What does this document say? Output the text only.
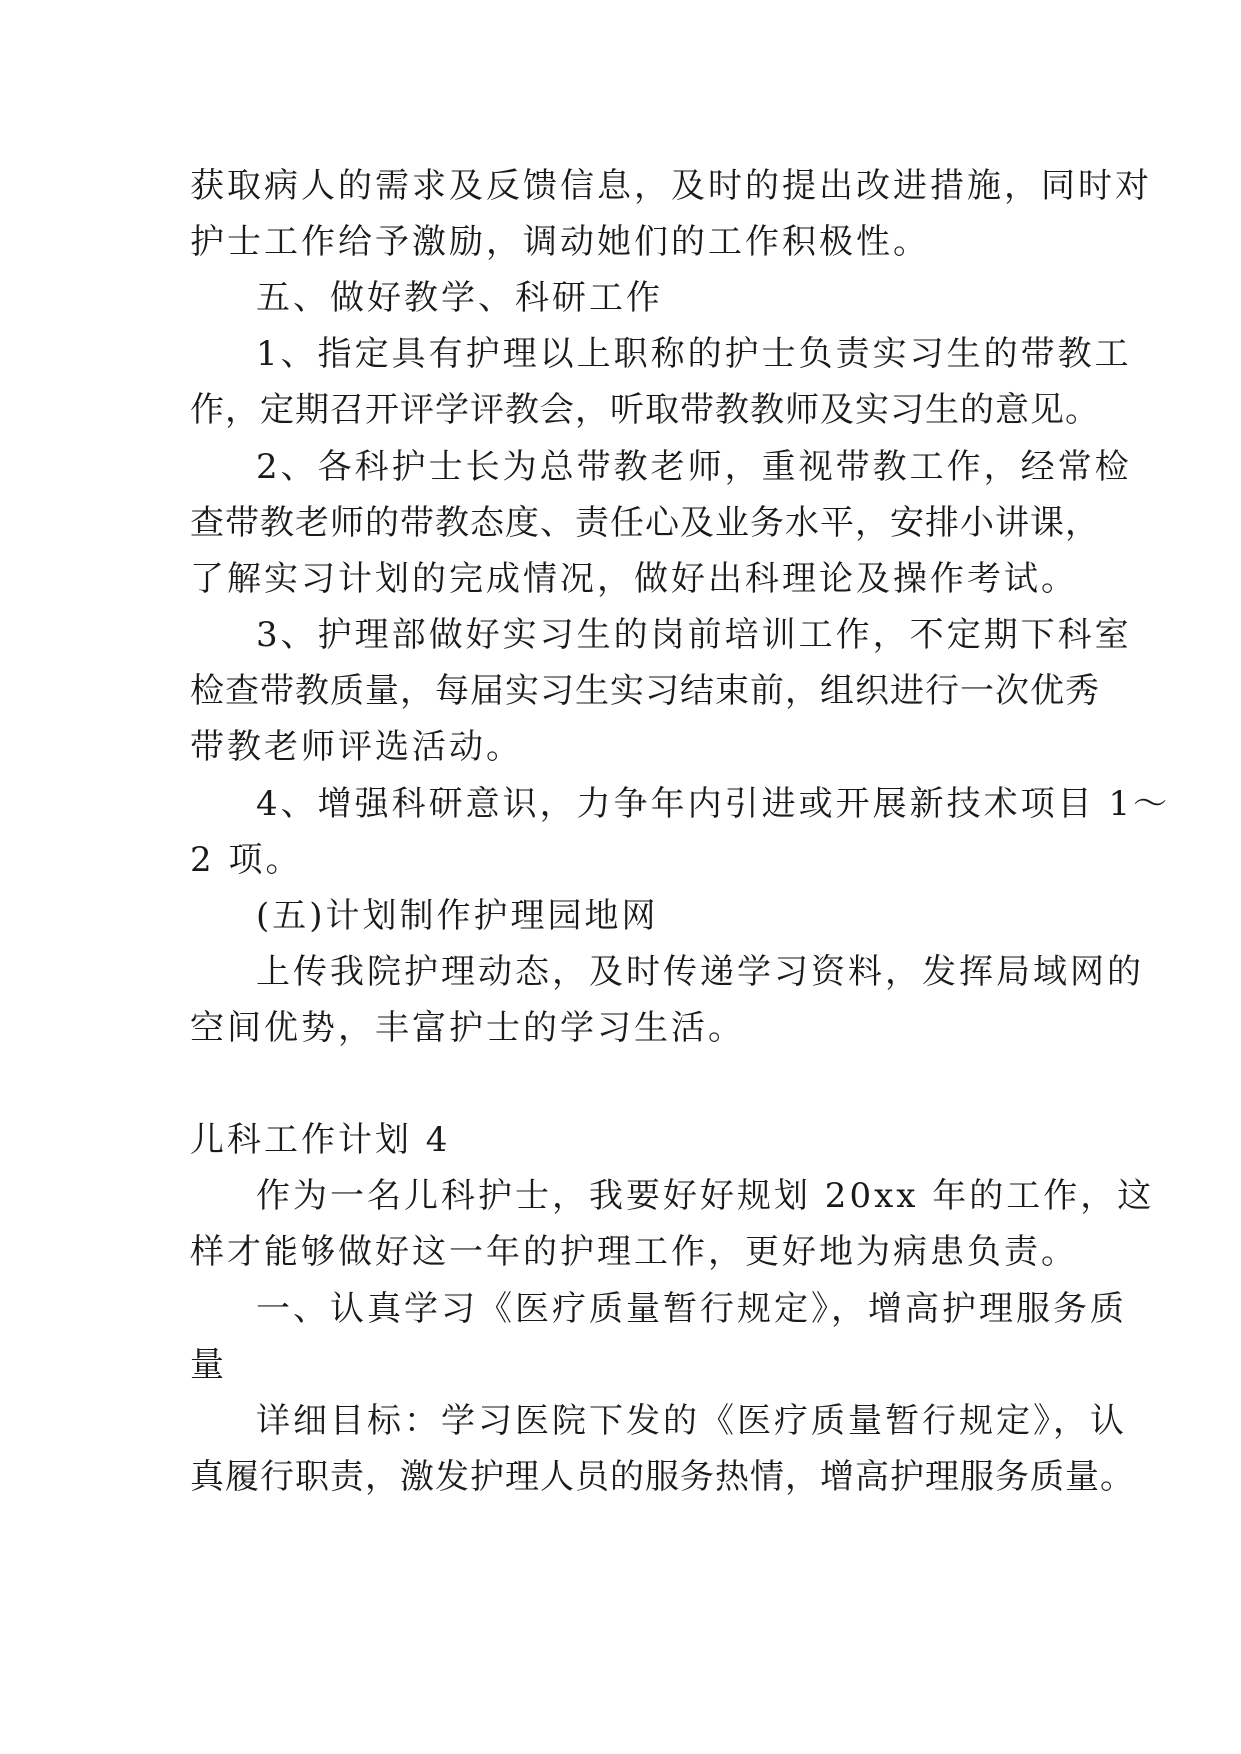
获取病人的需求及反馈信息，及时的提出改进措施，同时对
护士工作给予激励，调动她们的工作积极性。
五、做好教学、科研工作
1、指定具有护理以上职称的护士负责实习生的带教工
作，定期召开评学评教会，听取带教教师及实习生的意见。
2、各科护士长为总带教老师，重视带教工作，经常检
查带教老师的带教态度、责任心及业务水平，安排小讲课，
了解实习计划的完成情况，做好出科理论及操作考试。
3、护理部做好实习生的岗前培训工作，不定期下科室
检查带教质量，每届实习生实习结束前，组织进行一次优秀
带教老师评选活动。
4、增强科研意识，力争年内引进或开展新技术项目 1～
2 项。
(五)计划制作护理园地网
上传我院护理动态，及时传递学习资料，发挥局域网的
空间优势，丰富护士的学习生活。
儿科工作计划 4
作为一名儿科护士，我要好好规划 20xx 年的工作，这
样才能够做好这一年的护理工作，更好地为病患负责。
一、认真学习《医疗质量暂行规定》，增高护理服务质
量
详细目标：学习医院下发的《医疗质量暂行规定》，认
真履行职责，激发护理人员的服务热情，增高护理服务质量。
